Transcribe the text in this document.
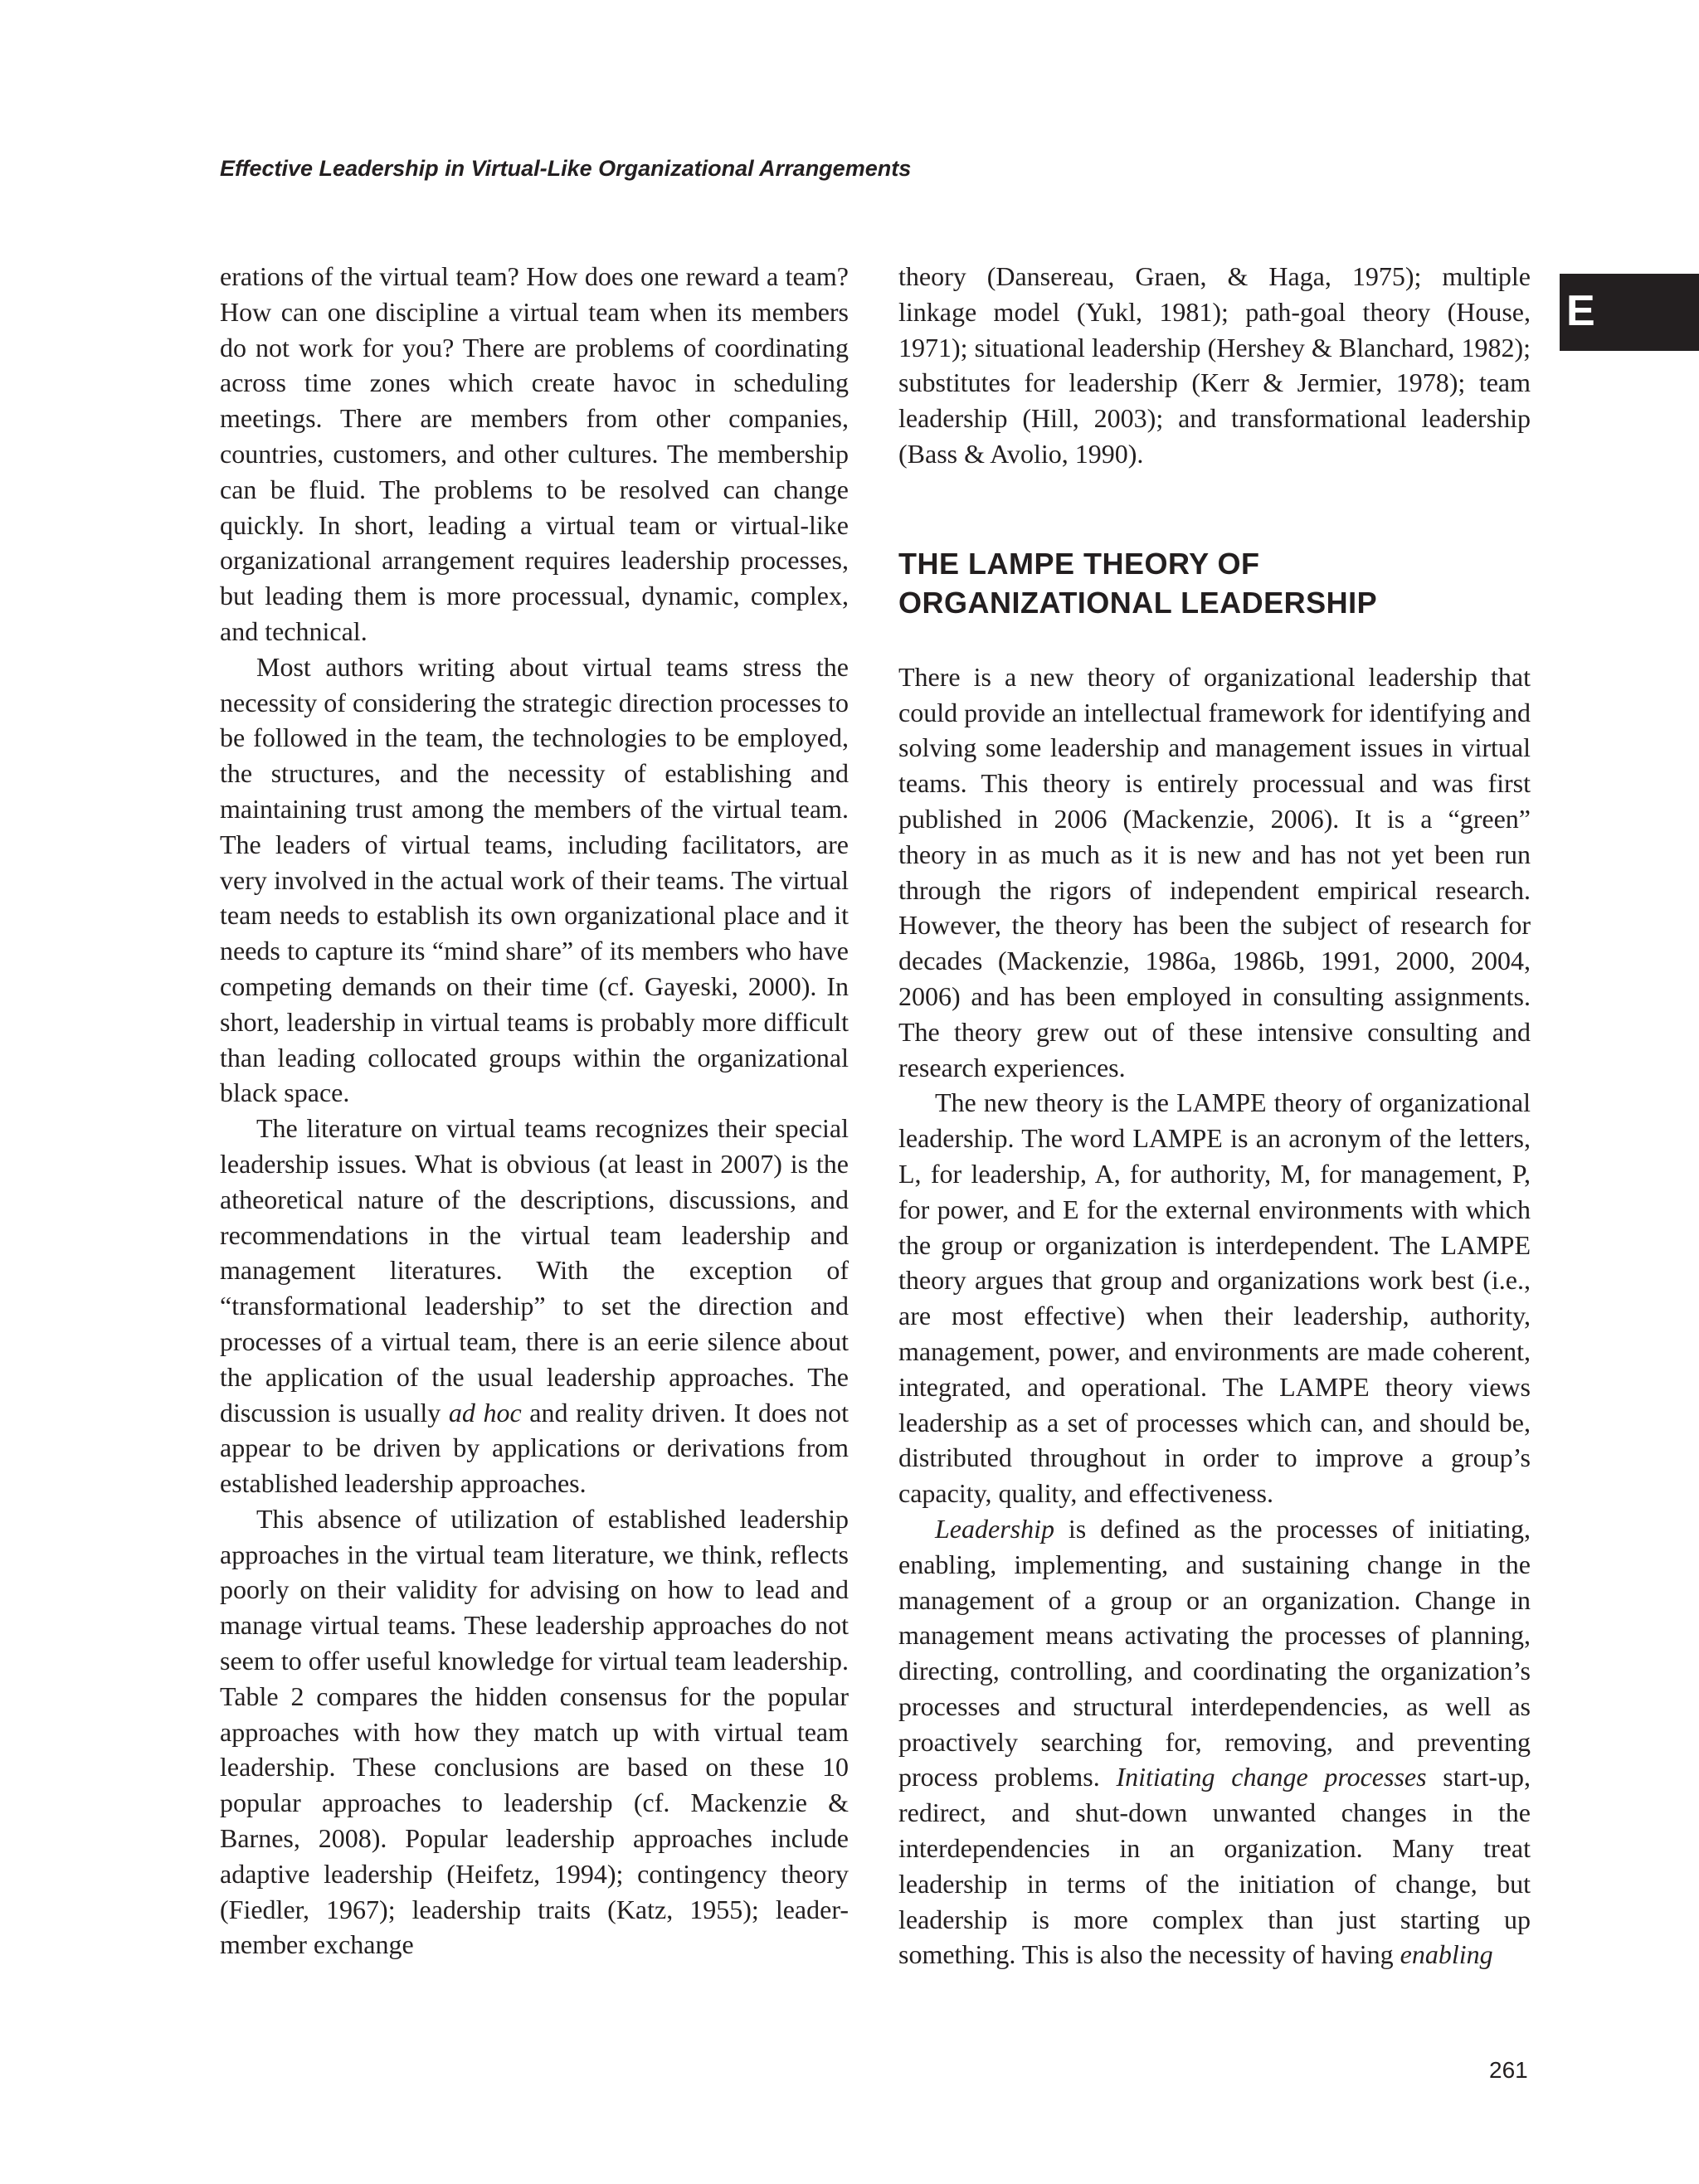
Effective Leadership in Virtual-Like Organizational Arrangements
E

erations of the virtual team? How does one reward a team? How can one discipline a virtual team when its members do not work for you? There are problems of coordinating across time zones which create havoc in scheduling meetings. There are members from other companies, countries, customers, and other cultures. The membership can be fluid. The problems to be resolved can change quickly. In short, leading a virtual team or virtual-like organizational arrangement requires leadership processes, but leading them is more processual, dynamic, complex, and technical.

Most authors writing about virtual teams stress the necessity of considering the strategic direction processes to be followed in the team, the technologies to be employed, the structures, and the necessity of establishing and maintaining trust among the members of the virtual team. The leaders of virtual teams, including facilitators, are very involved in the actual work of their teams. The virtual team needs to establish its own organizational place and it needs to capture its “mind share” of its members who have competing demands on their time (cf. Gayeski, 2000). In short, leadership in virtual teams is probably more difficult than leading collocated groups within the organizational black space.

The literature on virtual teams recognizes their special leadership issues. What is obvious (at least in 2007) is the atheoretical nature of the descriptions, discussions, and recommendations in the virtual team leadership and management literatures. With the exception of “transformational leadership” to set the direction and processes of a virtual team, there is an eerie silence about the application of the usual leadership approaches. The discussion is usually ad hoc and reality driven. It does not appear to be driven by applications or derivations from established leadership approaches.

This absence of utilization of established leadership approaches in the virtual team literature, we think, reflects poorly on their validity for advising on how to lead and manage virtual teams. These leadership approaches do not seem to offer useful knowledge for virtual team leadership. Table 2 compares the hidden consensus for the popular approaches with how they match up with virtual team leadership. These conclusions are based on these 10 popular approaches to leadership (cf. Mackenzie & Barnes, 2008). Popular leadership approaches include adaptive leadership (Heifetz, 1994); contingency theory (Fiedler, 1967); leadership traits (Katz, 1955); leader-member exchange

theory (Dansereau, Graen, & Haga, 1975); multiple linkage model (Yukl, 1981); path-goal theory (House, 1971); situational leadership (Hershey & Blanchard, 1982); substitutes for leadership (Kerr & Jermier, 1978); team leadership (Hill, 2003); and transformational leadership (Bass & Avolio, 1990).

THE LAMPE THEORY OF
ORGANIZATIONAL LEADERSHIP

There is a new theory of organizational leadership that could provide an intellectual framework for identifying and solving some leadership and management issues in virtual teams. This theory is entirely processual and was first published in 2006 (Mackenzie, 2006). It is a “green” theory in as much as it is new and has not yet been run through the rigors of independent empirical research. However, the theory has been the subject of research for decades (Mackenzie, 1986a, 1986b, 1991, 2000, 2004, 2006) and has been employed in consulting assignments. The theory grew out of these intensive consulting and research experiences.

The new theory is the LAMPE theory of organizational leadership. The word LAMPE is an acronym of the letters, L, for leadership, A, for authority, M, for management, P, for power, and E for the external environments with which the group or organization is interdependent. The LAMPE theory argues that group and organizations work best (i.e., are most effective) when their leadership, authority, management, power, and environments are made coherent, integrated, and operational. The LAMPE theory views leadership as a set of processes which can, and should be, distributed throughout in order to improve a group’s capacity, quality, and effectiveness.

Leadership is defined as the processes of initiating, enabling, implementing, and sustaining change in the management of a group or an organization. Change in management means activating the processes of planning, directing, controlling, and coordinating the organization’s processes and structural interdependencies, as well as proactively searching for, removing, and preventing process problems. Initiating change processes start-up, redirect, and shut-down unwanted changes in the interdependencies in an organization. Many treat leadership in terms of the initiation of change, but leadership is more complex than just starting up something. This is also the necessity of having enabling

261
